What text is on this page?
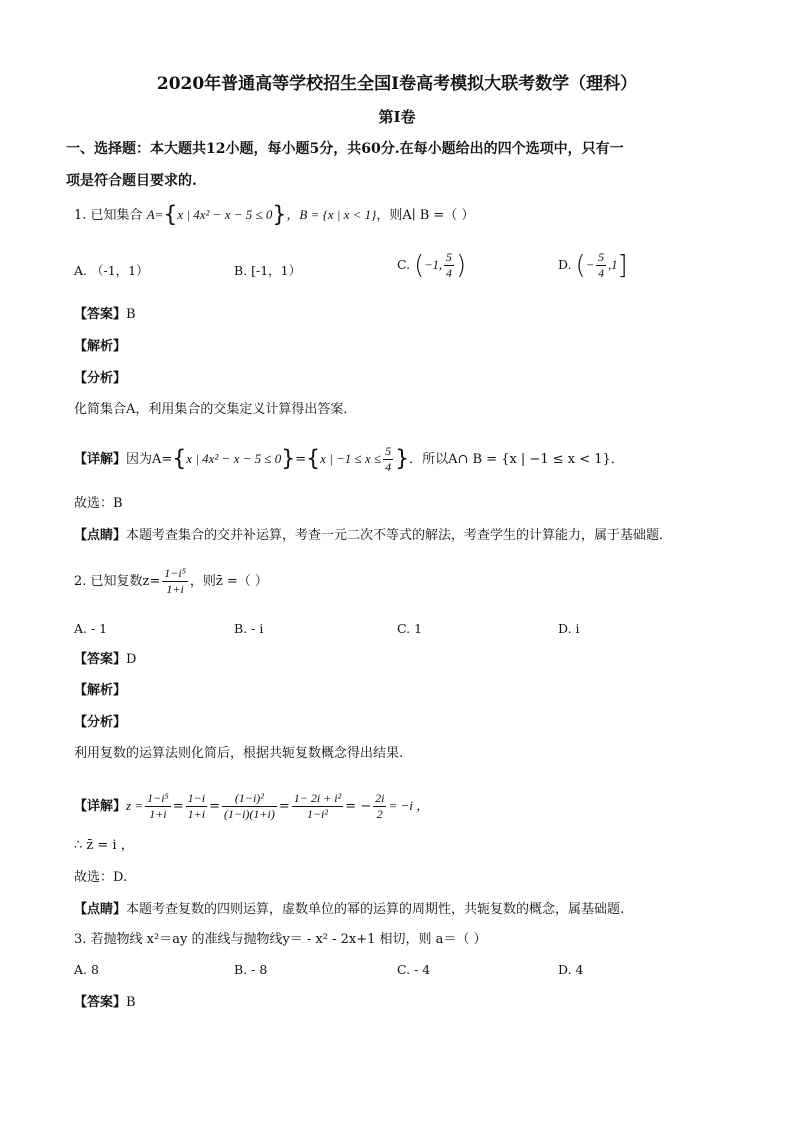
2020年普通高等学校招生全国Ⅰ卷高考模拟大联考数学（理科）
第Ⅰ卷
一、选择题：本大题共12小题，每小题5分，共60分.在每小题给出的四个选项中，只有一
项是符合题目要求的.
1. 已知集合 A={x | 4x² − x − 5 ≤ 0}，B = {x | x < 1}，则A∣ B =（ ）
A. （-1，1）	B. [-1，1）	C. (−1, $\frac{5}{4}$ )	D. (− $\frac{5}{4} ,1$]
【答案】B
【解析】
【分析】
化简集合A，利用集合的交集定义计算得出答案．
【详解】因为A={x | 4x² − x − 5 ≤ 0}={x | $-1 \le x \le \frac{5}{4}$ }．所以A∩ B = {x | −1 ≤ x < 1}．
故选：B
【点睛】本题考查集合的交并补运算，考查一元二次不等式的解法，考查学生的计算能力，属于基础题．
2. 已知复数$z= \frac{\text{1−i⁵}}{1+i}$ ，则z̄ =（ ）
A. - 1	B. - i	C. 1	D. i
【答案】D
【解析】
【分析】
利用复数的运算法则化简后，根据共轭复数概念得出结果.
【详解】$z = \frac{\text{1−i⁵}}{1+i} = \frac{1-i}{1+i} = \frac{\text{(1−i)²}}{(1-i)(1+i)} = \frac{\text{1− 2i + i²}}{\text{1−i²}}$ = − $\frac{2i}{2} = -i$ ，
∴ z̄ = i ，
故选：D.
【点睛】本题考查复数的四则运算，虚数单位的幂的运算的周期性，共轭复数的概念，属基础题.
3. 若抛物线 x²＝ay 的准线与抛物线y＝ - x² - 2x+1 相切，则 a＝（ ）
A. 8	B. - 8	C. - 4	D. 4
【答案】B
